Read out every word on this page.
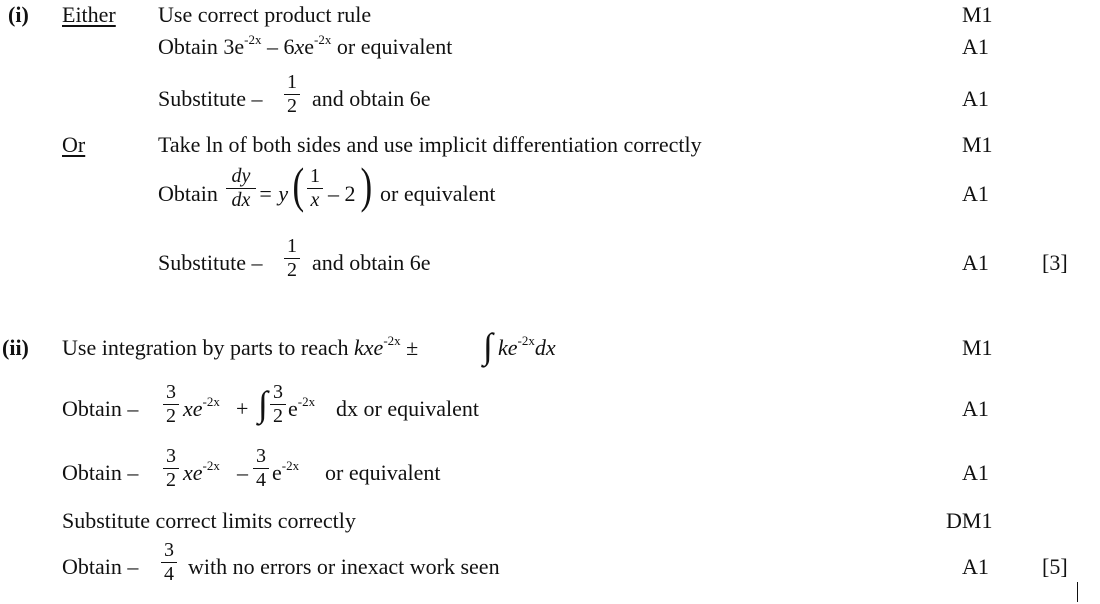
(i) Either Use correct product rule	M1
Obtain $3e^{-2x} - 6xe^{-2x}$ or equivalent	A1
Substitute –
1
2 and obtain 6e	A1
Or	Take ln of both sides and use implicit differentiation correctly	M1
Obtain
dy
dx = y ( 1
x – 2 ) or equivalent	A1
Substitute –
1
2 and obtain 6e	A1 [3]
(ii) Use integration by parts to reach kxe$^{-2x}$ ± ∫ $ke^{-2x}dx$	M1
Obtain –
3
2 $xe^{-2x}$ + ∫ 3
2 $e^{-2x}$ dx or equivalent	A1
Obtain –
3
2 $xe^{-2x}$ –
3
4 $e^{-2x}$ or equivalent	A1
Substitute correct limits correctly	DM1
Obtain –
3
4 with no errors or inexact work seen	A1 [5]
